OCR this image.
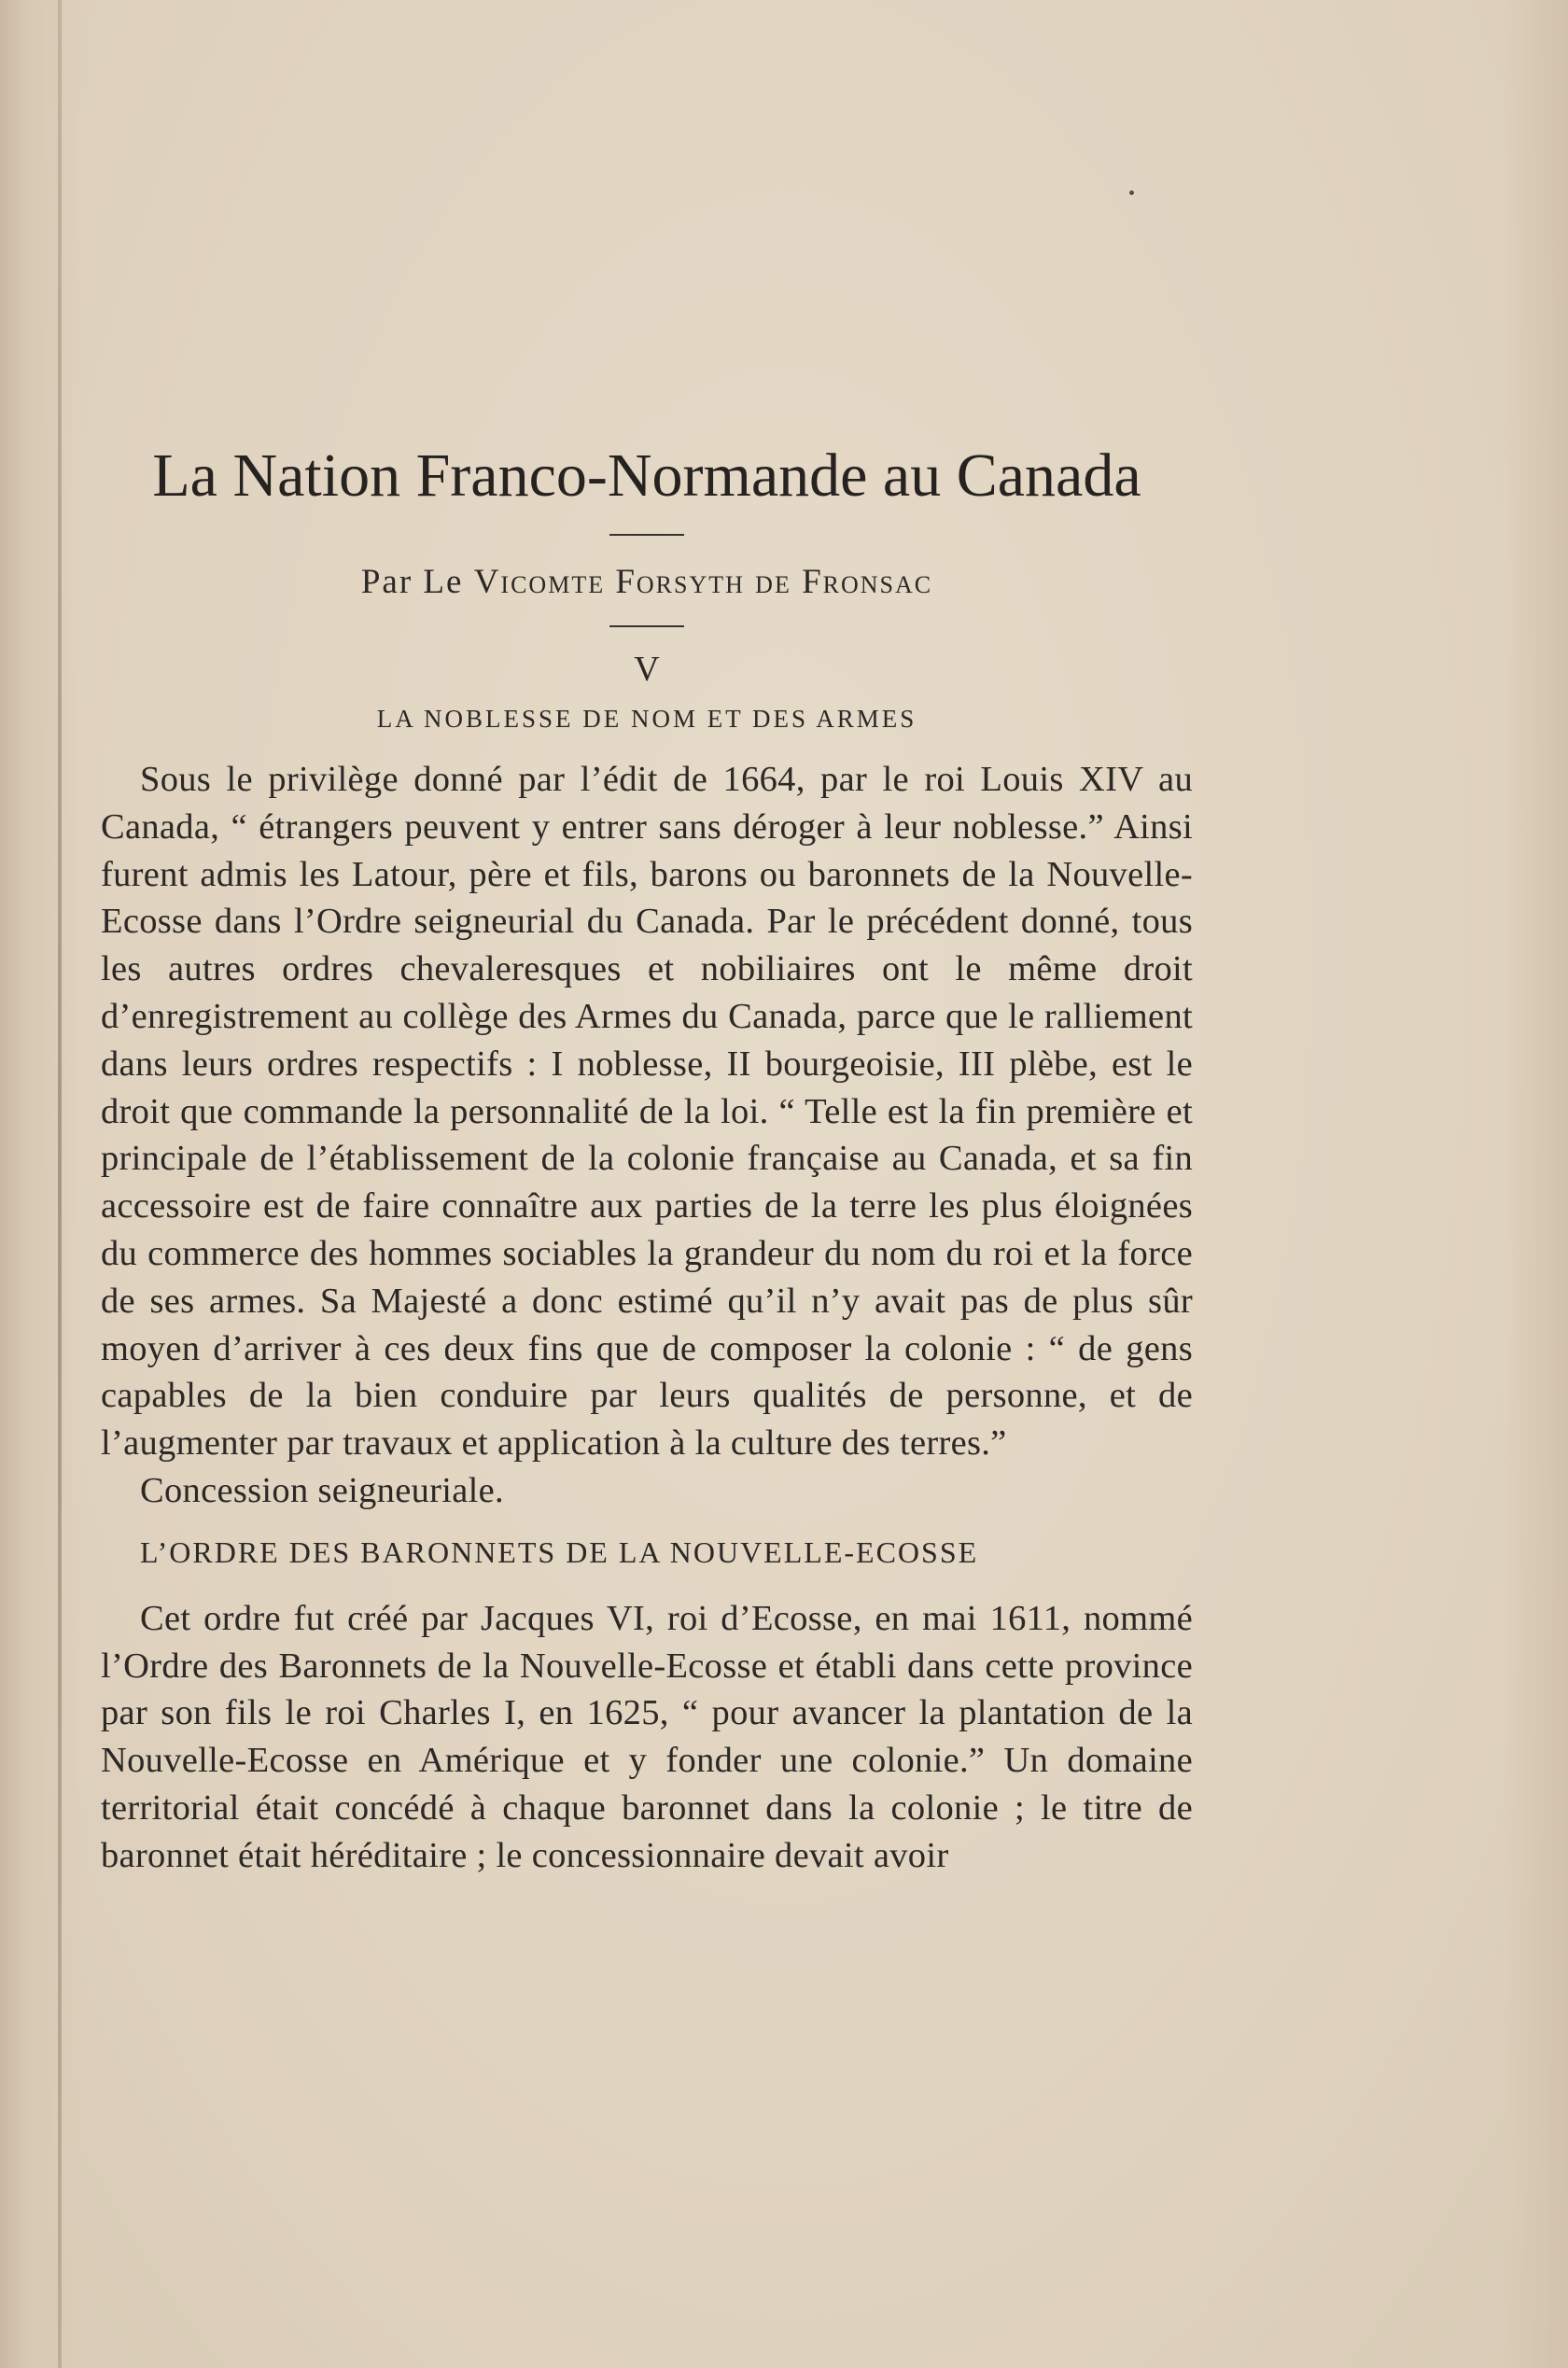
La Nation Franco-Normande au Canada
Par Le Vicomte Forsyth de Fronsac
V
LA NOBLESSE DE NOM ET DES ARMES

Sous le privilège donné par l’édit de 1664, par le roi Louis XIV au Canada, “ étrangers peuvent y entrer sans déroger à leur noblesse.” Ainsi furent admis les Latour, père et fils, barons ou baronnets de la Nouvelle-Ecosse dans l’Ordre seigneurial du Canada. Par le précédent donné, tous les autres ordres chevaleresques et nobiliaires ont le même droit d’enregistrement au collège des Armes du Canada, parce que le ralliement dans leurs ordres respectifs : I noblesse, II bourgeoisie, III plèbe, est le droit que commande la personnalité de la loi. “ Telle est la fin première et principale de l’établissement de la colonie française au Canada, et sa fin accessoire est de faire connaître aux parties de la terre les plus éloignées du commerce des hommes sociables la grandeur du nom du roi et la force de ses armes. Sa Majesté a donc estimé qu’il n’y avait pas de plus sûr moyen d’arriver à ces deux fins que de composer la colonie : “ de gens capables de la bien conduire par leurs qualités de personne, et de l’augmenter par travaux et application à la culture des terres.”

Concession seigneuriale.

L’ORDRE DES BARONNETS DE LA NOUVELLE-ECOSSE

Cet ordre fut créé par Jacques VI, roi d’Ecosse, en mai 1611, nommé l’Ordre des Baronnets de la Nouvelle-Ecosse et établi dans cette province par son fils le roi Charles I, en 1625, “ pour avancer la plantation de la Nouvelle-Ecosse en Amérique et y fonder une colonie.” Un domaine territorial était concédé à chaque baronnet dans la colonie ; le titre de baronnet était héréditaire ; le concessionnaire devait avoir
